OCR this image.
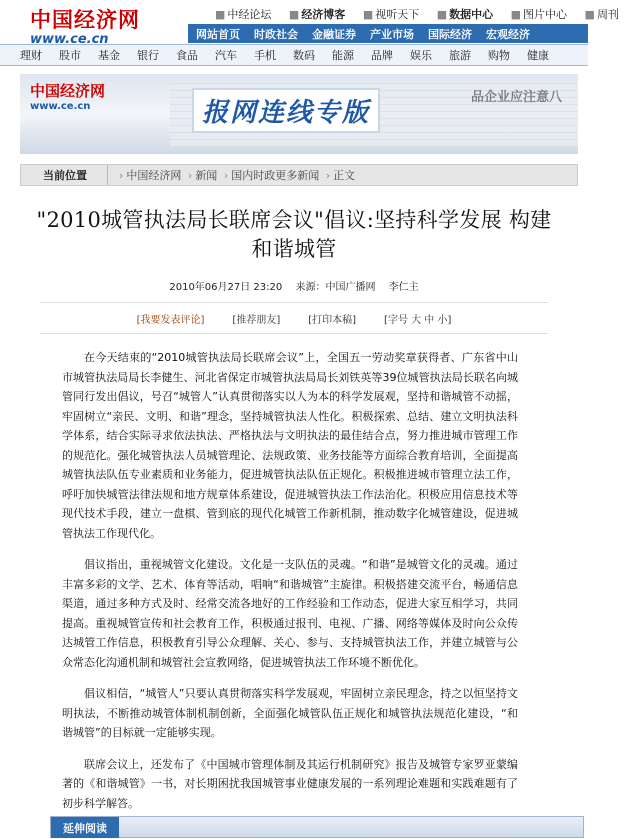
中国经济网
www.ce.cn
■ 中经论坛 ■ 经济博客 ■ 视听天下 ■ 数据中心 ■ 图片中心 ■ 周刊
网站首页	时政社会	金融证券	产业市场	国际经济	宏观经济
理财	股市	基金	银行	食品	汽车	手机	数码	能源	品牌	娱乐	旅游	购物	健康
中国经济网
www.ce.cn
品企业应注意八
报网连线专版
当前位置	› 中国经济网 › 新闻 › 国内时政更多新闻 › 正文
"2010城管执法局长联席会议"倡议:坚持科学发展 构建和谐城管
2010年06月27日 23:20 来源：中国广播网 李仁主
[我要发表评论]	[推荐朋友]	[打印本稿]	[字号 大 中 小]

在今天结束的“2010城管执法局长联席会议”上，全国五一劳动奖章获得者、广东省中山市城管执法局局长李健生、河北省保定市城管执法局局长刘铁英等39位城管执法局长联名向城管同行发出倡议，号召“城管人”认真贯彻落实以人为本的科学发展观，坚持和谐城管不动摇，牢固树立“亲民、文明、和谐”理念，坚持城管执法人性化。积极探索、总结、建立文明执法科学体系，结合实际寻求依法执法、严格执法与文明执法的最佳结合点，努力推进城市管理工作的规范化。强化城管执法人员城管理论、法规政策、业务技能等方面综合教育培训，全面提高城管执法队伍专业素质和业务能力，促进城管执法队伍正规化。积极推进城市管理立法工作，呼吁加快城管法律法规和地方规章体系建设，促进城管执法工作法治化。积极应用信息技术等现代技术手段，建立一盘棋、管到底的现代化城管工作新机制，推动数字化城管建设，促进城管执法工作现代化。

倡议指出，重视城管文化建设。文化是一支队伍的灵魂。“和谐”是城管文化的灵魂。通过丰富多彩的文学、艺术、体育等活动，唱响“和谐城管”主旋律。积极搭建交流平台，畅通信息渠道，通过多种方式及时、经常交流各地好的工作经验和工作动态，促进大家互相学习，共同提高。重视城管宣传和社会教育工作，积极通过报刊、电视、广播、网络等媒体及时向公众传达城管工作信息，积极教育引导公众理解、关心、参与、支持城管执法工作，并建立城管与公众常态化沟通机制和城管社会宣教网络，促进城管执法工作环境不断优化。

倡议相信，“城管人”只要认真贯彻落实科学发展观，牢固树立亲民理念，持之以恒坚持文明执法，不断推动城管体制机制创新，全面强化城管队伍正规化和城管执法规范化建设，“和谐城管”的目标就一定能够实现。

联席会议上，还发布了《中国城市管理体制及其运行机制研究》报告及城管专家罗亚蒙编著的《和谐城管》一书，对长期困扰我国城管事业健康发展的一系列理论难题和实践难题有了初步科学解答。

延伸阅读
